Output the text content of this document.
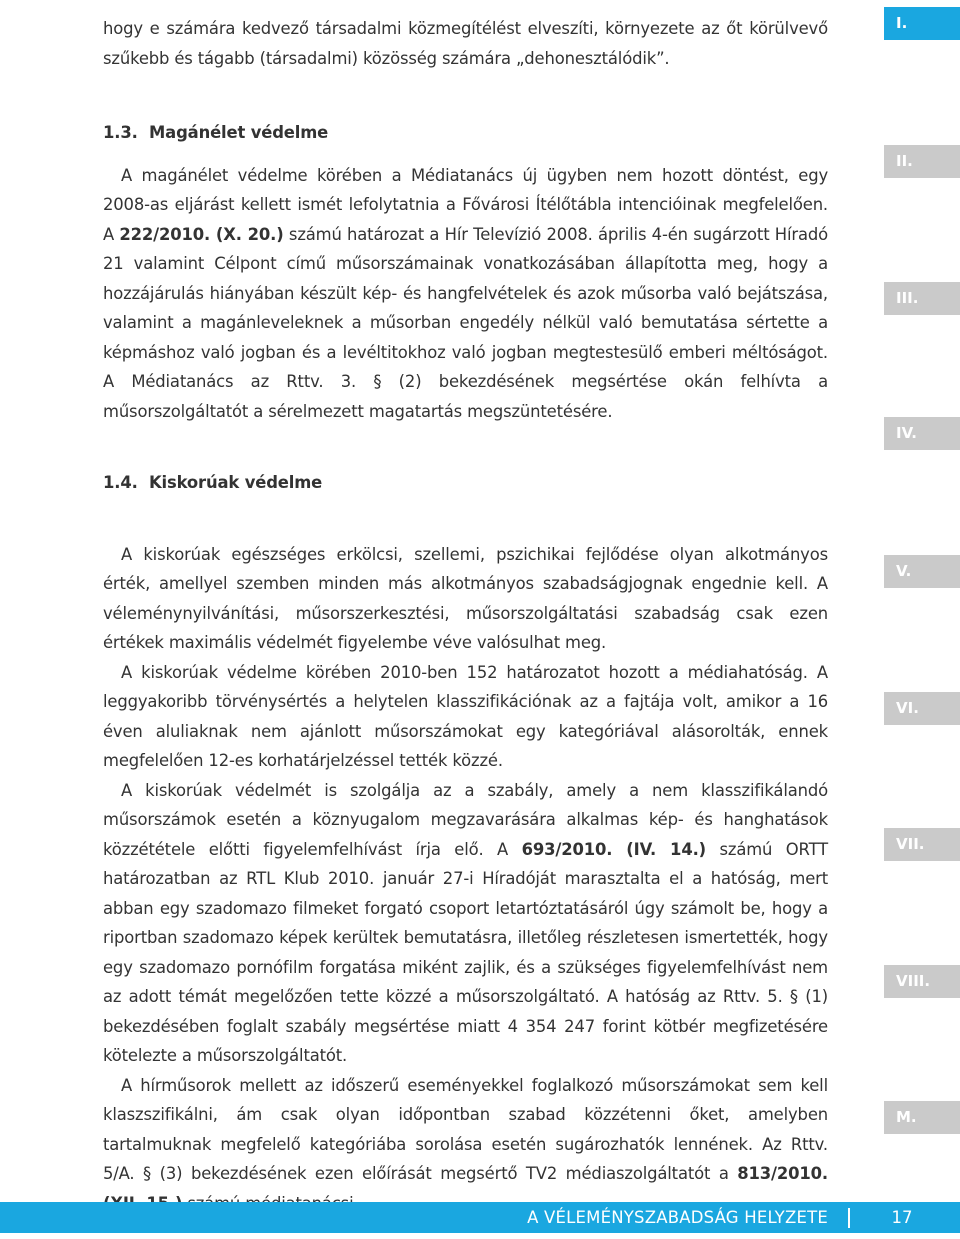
hogy e számára kedvező társadalmi közmegítélést elveszíti, környezete az őt körülvevő szűkebb és tágabb (társadalmi) közösség számára „dehonesztálódik”.

1.3. Magánélet védelme

A magánélet védelme körében a Médiatanács új ügyben nem hozott döntést, egy 2008-as eljárást kellett ismét lefolytatnia a Fővárosi Ítélőtábla intencióinak megfelelően. A 222/2010. (X. 20.) számú határozat a Hír Televízió 2008. április 4-én sugárzott Híradó 21 valamint Célpont című műsorszámainak vonatkozásában állapította meg, hogy a hozzájárulás hiányában készült kép- és hangfelvételek és azok műsorba való bejátszása, valamint a magánleveleknek a műsorban engedély nélkül való bemutatása sértette a képmáshoz való jogban és a levéltitokhoz való jogban megtestesülő emberi méltóságot. A Médiatanács az Rttv. 3. § (2) bekezdésének megsértése okán felhívta a műsorszolgáltatót a sérelmezett magatartás megszüntetésére.

1.4. Kiskorúak védelme

A kiskorúak egészséges erkölcsi, szellemi, pszichikai fejlődése olyan alkotmányos érték, amellyel szemben minden más alkotmányos szabadságjognak engednie kell. A véleménynyilvánítási, műsorszerkesztési, műsorszolgáltatási szabadság csak ezen értékek maximális védelmét figyelembe véve valósulhat meg.

A kiskorúak védelme körében 2010-ben 152 határozatot hozott a médiahatóság. A leggyakoribb törvénysértés a helytelen klasszifikációnak az a fajtája volt, amikor a 16 éven aluliaknak nem ajánlott műsorszámokat egy kategóriával alásorolták, ennek megfelelően 12-es korhatárjelzéssel tették közzé.

A kiskorúak védelmét is szolgálja az a szabály, amely a nem klasszifikálandó műsorszámok esetén a köznyugalom megzavarására alkalmas kép- és hanghatások közzététele előtti figyelemfelhívást írja elő. A 693/2010. (IV. 14.) számú ORTT határozatban az RTL Klub 2010. január 27-i Híradóját marasztalta el a hatóság, mert abban egy szadomazo filmeket forgató csoport letartóztatásáról úgy számolt be, hogy a riportban szadomazo képek kerültek bemutatásra, illetőleg részletesen ismertették, hogy egy szadomazo pornófilm forgatása miként zajlik, és a szükséges figyelemfelhívást nem az adott témát megelőzően tette közzé a műsorszolgáltató. A hatóság az Rttv. 5. § (1) bekezdésében foglalt szabály megsértése miatt 4 354 247 forint kötbér megfizetésére kötelezte a műsorszolgáltatót.

A hírműsorok mellett az időszerű eseményekkel foglalkozó műsorszámokat sem kell klaszszifikálni, ám csak olyan időpontban szabad közzétenni őket, amelyben tartalmuknak megfelelő kategóriába sorolása esetén sugározhatók lennének. Az Rttv. 5/A. § (3) bekezdésének ezen előírását megsértő TV2 médiaszolgáltatót a 813/2010.

I.
II.
III.
IV.
V.
VI.
VII.
VIII.
M.
A VÉLEMÉNYSZABADSÁG HELYZETE	17
